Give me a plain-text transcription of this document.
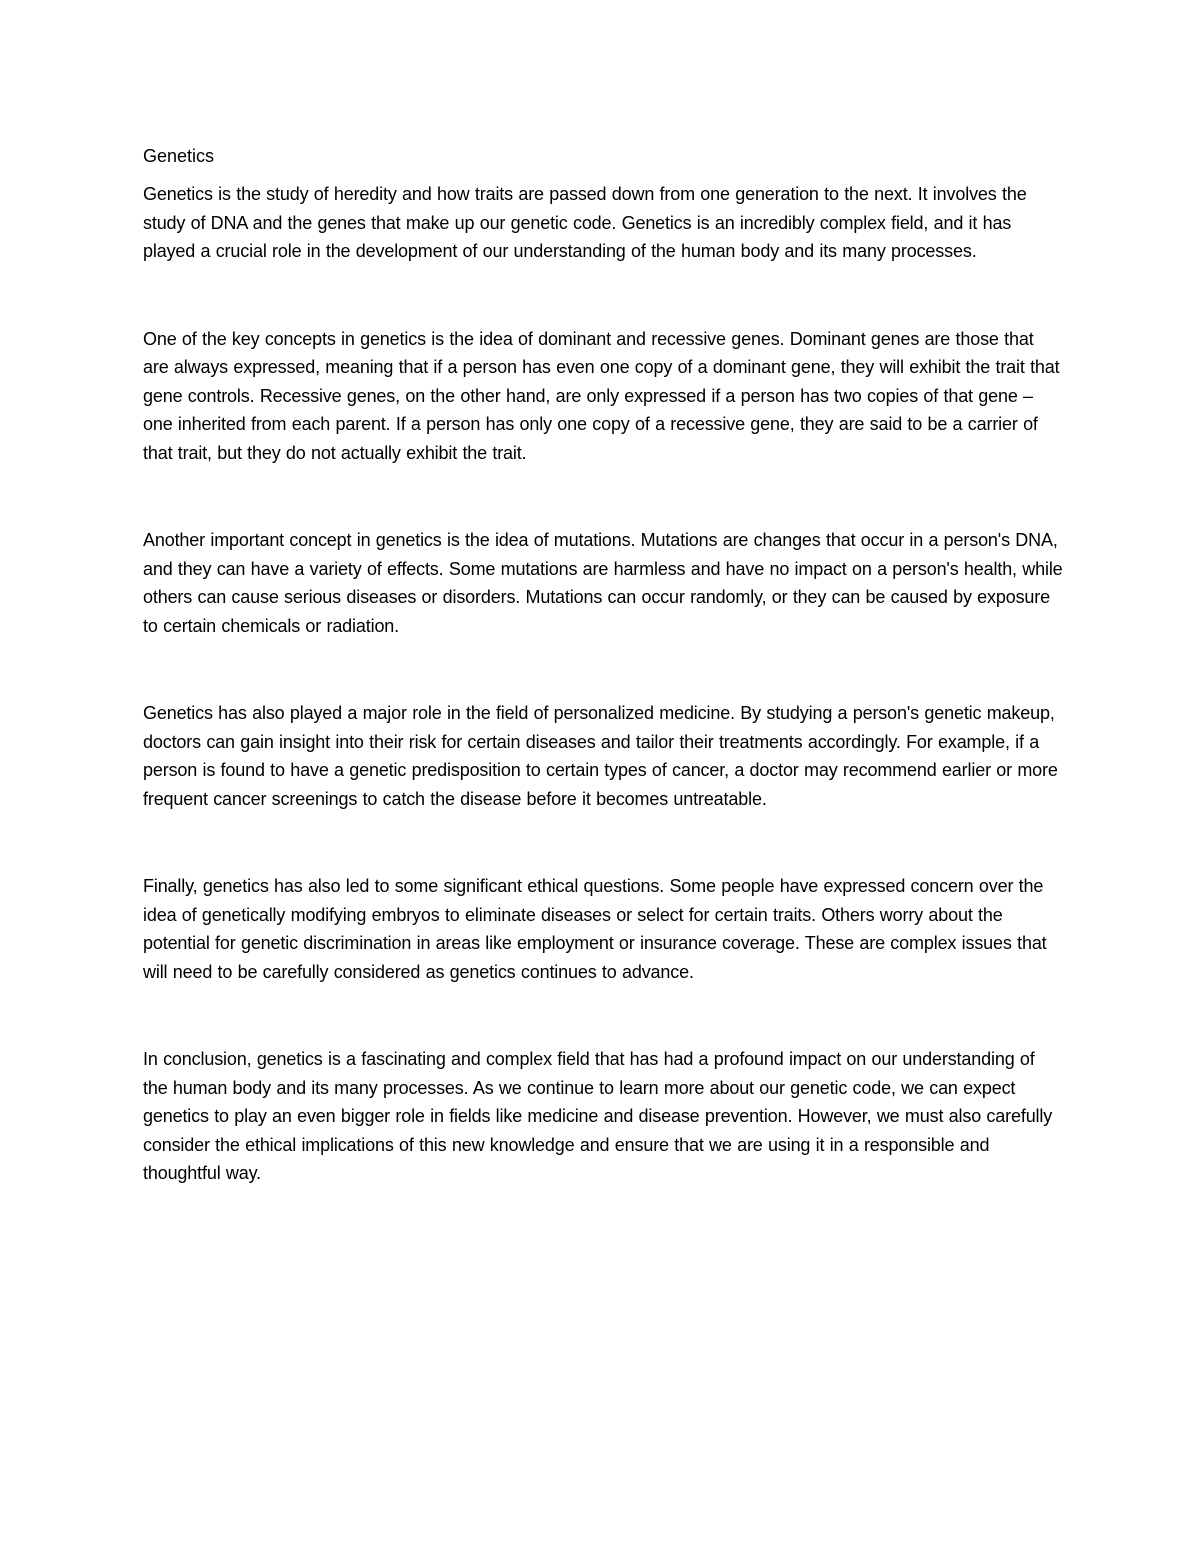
Genetics

Genetics is the study of heredity and how traits are passed down from one generation to the next. It involves the study of DNA and the genes that make up our genetic code. Genetics is an incredibly complex field, and it has played a crucial role in the development of our understanding of the human body and its many processes.

One of the key concepts in genetics is the idea of dominant and recessive genes. Dominant genes are those that are always expressed, meaning that if a person has even one copy of a dominant gene, they will exhibit the trait that gene controls. Recessive genes, on the other hand, are only expressed if a person has two copies of that gene – one inherited from each parent. If a person has only one copy of a recessive gene, they are said to be a carrier of that trait, but they do not actually exhibit the trait.

Another important concept in genetics is the idea of mutations. Mutations are changes that occur in a person's DNA, and they can have a variety of effects. Some mutations are harmless and have no impact on a person's health, while others can cause serious diseases or disorders. Mutations can occur randomly, or they can be caused by exposure to certain chemicals or radiation.

Genetics has also played a major role in the field of personalized medicine. By studying a person's genetic makeup, doctors can gain insight into their risk for certain diseases and tailor their treatments accordingly. For example, if a person is found to have a genetic predisposition to certain types of cancer, a doctor may recommend earlier or more frequent cancer screenings to catch the disease before it becomes untreatable.

Finally, genetics has also led to some significant ethical questions. Some people have expressed concern over the idea of genetically modifying embryos to eliminate diseases or select for certain traits. Others worry about the potential for genetic discrimination in areas like employment or insurance coverage. These are complex issues that will need to be carefully considered as genetics continues to advance.

In conclusion, genetics is a fascinating and complex field that has had a profound impact on our understanding of the human body and its many processes. As we continue to learn more about our genetic code, we can expect genetics to play an even bigger role in fields like medicine and disease prevention. However, we must also carefully consider the ethical implications of this new knowledge and ensure that we are using it in a responsible and thoughtful way.
